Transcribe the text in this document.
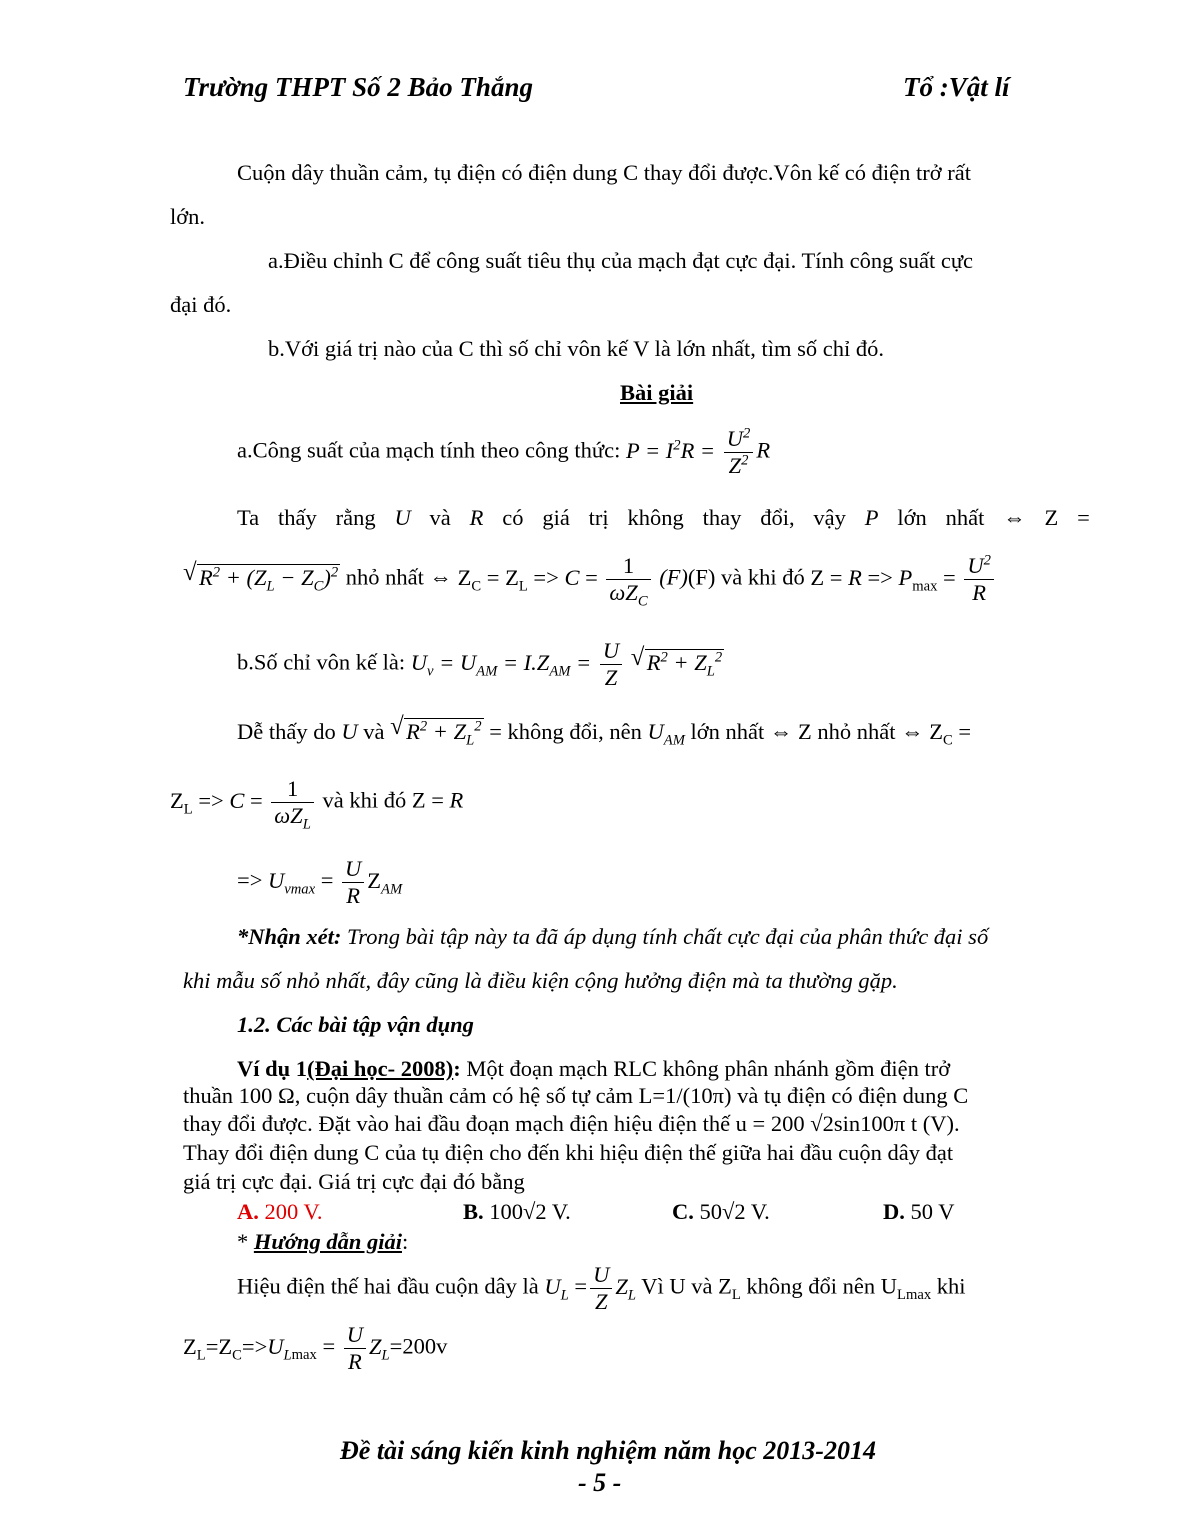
Trường THPT Số 2 Bảo Thắng	Tổ :Vật lí
Cuộn dây thuần cảm, tụ điện có điện dung C thay đổi được.Vôn kế có điện trở rất
lớn.
a.Điều chỉnh C để công suất tiêu thụ của mạch đạt cực đại. Tính công suất cực
đại đó.
b.Với giá trị nào của C thì số chỉ vôn kế V là lớn nhất, tìm số chỉ đó.
Bài giải
a.Công suất của mạch tính theo công thức: $P = I^2R = \frac{U^2}{Z^2}$ R
Ta thấy rằng U và R có giá trị không thay đổi, vậy P lớn nhất ⇔ Z =
√ $R^2 + (Z_L - Z_C)^2$ nhỏ nhất ⇔ $Z_C = Z_L => C = \frac{1}{\omega Z_C} (F)(F)$ và khi đó $Z = R => P_{max} = \frac{U^2}{R}$
b.Số chỉ vôn kế là: $U_v = U_{AM} = I.Z_{AM} = \frac{U}{Z}$
√ $R^2 + Z_L^2$
Dễ thấy do U và √ $R^2 + Z_L^2$ = không đổi, nên $U_{AM}$ lớn nhất ⇔ Z nhỏ nhất ⇔ $Z_C$ =
$Z_L => C = \frac{1}{\omega Z_L}$ và khi đó Z = R
=> $U_{vmax} = \frac{U}{R} Z_{AM}$
*Nhận xét: Trong bài tập này ta đã áp dụng tính chất cực đại của phân thức đại số
khi mẫu số nhỏ nhất, đây cũng là điều kiện cộng hưởng điện mà ta thường gặp.
1.2. Các bài tập vận dụng
Ví dụ 1(Đại học- 2008): Một đoạn mạch RLC không phân nhánh gồm điện trở
thuần 100 Ω, cuộn dây thuần cảm có hệ số tự cảm L=1/(10π) và tụ điện có điện dung C
thay đổi được. Đặt vào hai đầu đoạn mạch điện hiệu điện thế u = 200 √2sin100π t (V).
Thay đổi điện dung C của tụ điện cho đến khi hiệu điện thế giữa hai đầu cuộn dây đạt
giá trị cực đại. Giá trị cực đại đó bằng
A. 200 V.	B. 100√2 V.	C. 50√2 V.	D. 50 V
* Hướng dẫn giải:
Hiệu điện thế hai đầu cuộn dây là $U_L = \frac{U}{Z} Z_L$ Vì U và $Z_L$ không đổi nên $U_{Lmax}$ khi
$Z_L=Z_C=>U_{Lmax} = \frac{U}{R} Z_L=200v$
Đề tài sáng kiến kinh nghiệm năm học 2013-2014
- 5 -
